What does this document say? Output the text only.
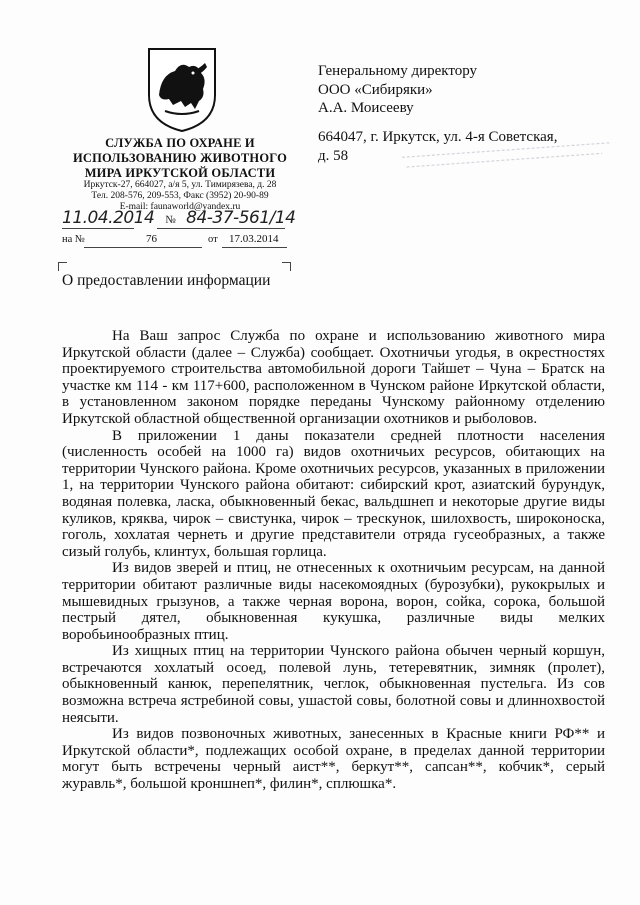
СЛУЖБА ПО ОХРАНЕ И
ИСПОЛЬЗОВАНИЮ ЖИВОТНОГО
МИРА ИРКУТСКОЙ ОБЛАСТИ
Иркутск-27, 664027, а/я 5, ул. Тимирязева, д. 28
Тел. 208-576, 209-553, Факс (3952) 20-90-89
E-mail: faunaworld@yandex.ru
11.04.2014 № 84-37-561/14
на №	76	от 17.03.2014
О предоставлении информации
Генеральному директору
ООО «Сибиряки»
А.А. Моисееву
664047, г. Иркутск, ул. 4-я Советская,
д. 58

На Ваш запрос Служба по охране и использованию животного мира Иркутской области (далее – Служба) сообщает. Охотничьи угодья, в окрестностях проектируемого строительства автомобильной дороги Тайшет – Чуна – Братск на участке км 114 - км 117+600, расположенном в Чунском районе Иркутской области, в установленном законом порядке переданы Чунскому районному отделению Иркутской областной общественной организации охотников и рыболовов.

В приложении 1 даны показатели средней плотности населения (численность особей на 1000 га) видов охотничьих ресурсов, обитающих на территории Чунского района. Кроме охотничьих ресурсов, указанных в приложении 1, на территории Чунского района обитают: сибирский крот, азиатский бурундук, водяная полевка, ласка, обыкновенный бекас, вальдшнеп и некоторые другие виды куликов, кряква, чирок – свистунка, чирок – трескунок, шилохвость, широконоска, гоголь, хохлатая чернеть и другие представители отряда гусеобразных, а также сизый голубь, клинтух, большая горлица.

Из видов зверей и птиц, не отнесенных к охотничьим ресурсам, на данной территории обитают различные виды насекомоядных (бурозубки), рукокрылых и мышевидных грызунов, а также черная ворона, ворон, сойка, сорока, большой пестрый дятел, обыкновенная кукушка, различные виды мелких воробьинообразных птиц.

Из хищных птиц на территории Чунского района обычен черный коршун, встречаются хохлатый осоед, полевой лунь, тетеревятник, зимняк (пролет), обыкновенный канюк, перепелятник, чеглок, обыкновенная пустельга. Из сов возможна встреча ястребиной совы, ушастой совы, болотной совы и длиннохвостой неясыти.

Из видов позвоночных животных, занесенных в Красные книги РФ** и Иркутской области*, подлежащих особой охране, в пределах данной территории могут быть встречены черный аист**, беркут**, сапсан**, кобчик*, серый журавль*, большой кроншнеп*, филин*, сплюшка*.
